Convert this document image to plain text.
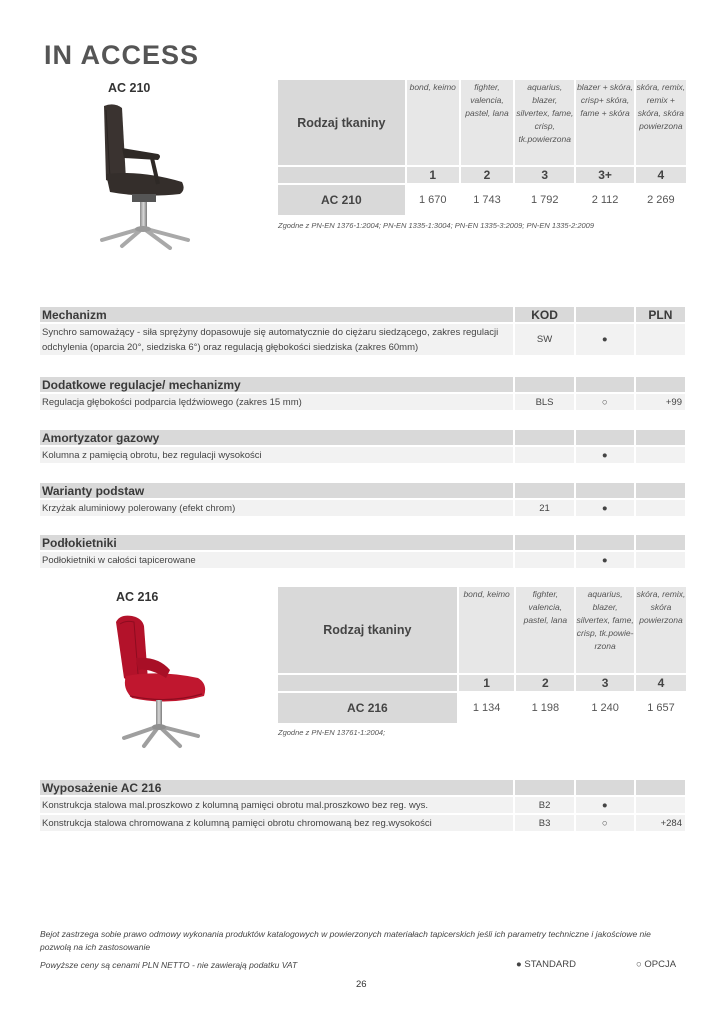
IN ACCESS
AC 210
Rodzaj tkaniny	bond, keimo	fighter, valencia, pastel, lana	aquarius, blazer, silvertex, fame, crisp, tk.powierzona	blazer + skóra, crisp+ skóra, fame + skóra	skóra, remix, remix + skóra, skóra powierzona
	1	2	3	3+	4
AC 210	1 670	1 743	1 792	2 112	2 269
Zgodne z PN-EN 1376-1:2004; PN-EN 1335-1:3004; PN-EN 1335-3:2009; PN-EN 1335-2:2009
Mechanizm	KOD		PLN
Synchro samoważący - siła sprężyny dopasowuje się automatycznie do ciężaru siedzącego, zakres regulacji odchylenia (oparcia 20°, siedziska 6°) oraz regulacją głębokości siedziska (zakres 60mm)	SW	●	
Dodatkowe regulacje/ mechanizmy			
Regulacja głębokości podparcia lędźwiowego (zakres 15 mm)	BLS	○	+99
Amortyzator gazowy			
Kolumna z pamięcią obrotu, bez regulacji wysokości		●	
Warianty podstaw			
Krzyżak aluminiowy polerowany (efekt chrom)	21	●	
Podłokietniki			
Podłokietniki w całości tapicerowane		●	
AC 216
Rodzaj tkaniny	bond, keimo	fighter, valencia, pastel, lana	aquarius, blazer, silvertex, fame, crisp, tk.powie-rzona	skóra, remix, skóra powierzona
	1	2	3	4
AC 216	1 134	1 198	1 240	1 657
Zgodne z PN-EN 13761-1:2004;
Wyposażenie AC 216			
Konstrukcja stalowa mal.proszkowo z kolumną pamięci obrotu mal.proszkowo bez reg. wys.	B2	●	
Konstrukcja stalowa chromowana z kolumną pamięci obrotu chromowaną bez reg.wysokości	B3	○	+284
Bejot zastrzega sobie prawo odmowy wykonania produktów katalogowych w powierzonych materiałach tapicerskich jeśli ich parametry techniczne i jakościowe nie pozwolą na ich zastosowanie
Powyższe ceny są cenami PLN NETTO - nie zawierają podatku VAT	● STANDARD	○ OPCJA
26
